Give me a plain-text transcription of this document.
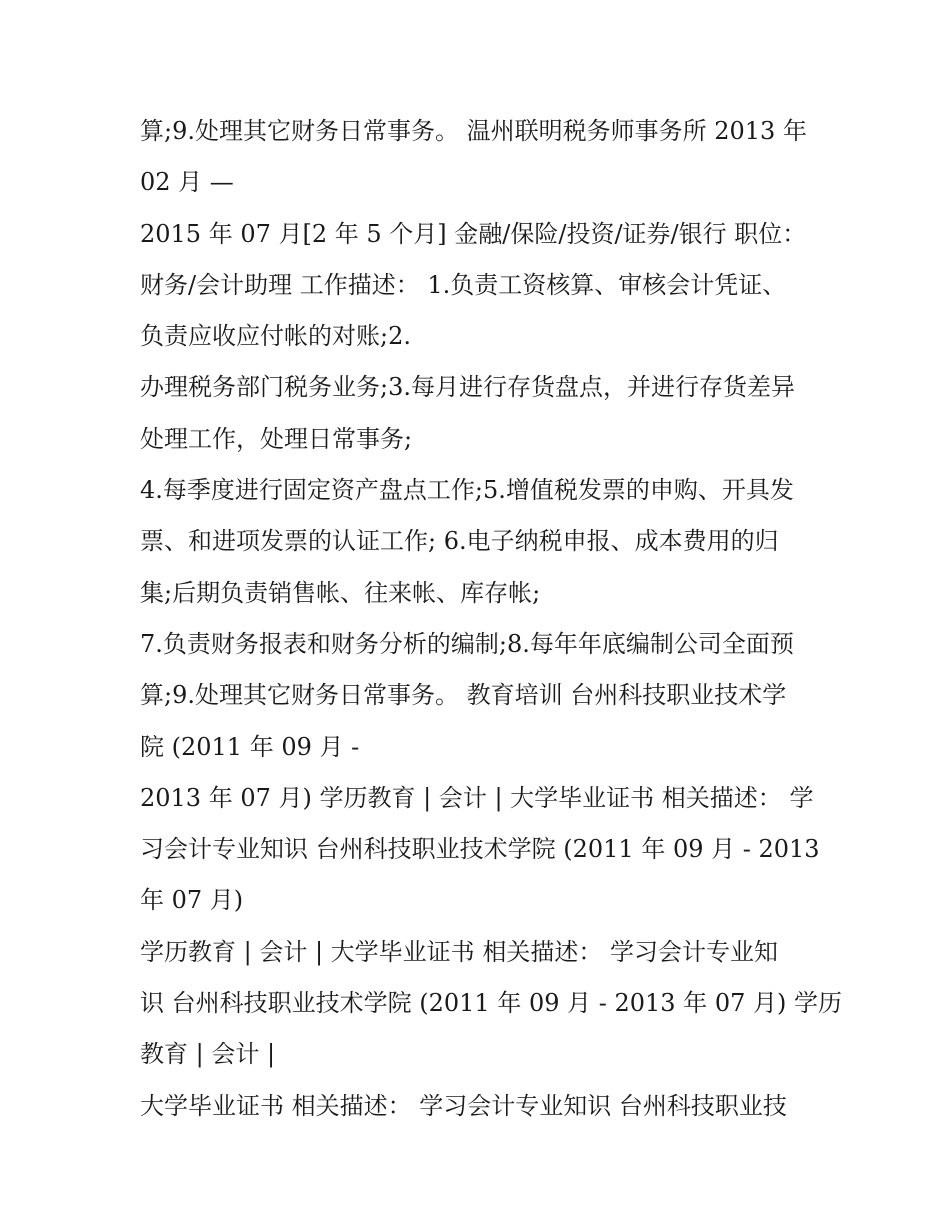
算;9.处理其它财务日常事务。 温州联明税务师事务所 2013 年
02 月 —
2015 年 07 月[2 年 5 个月] 金融/保险/投资/证券/银行 职位：
财务/会计助理 工作描述： 1.负责工资核算、审核会计凭证、
负责应收应付帐的对账;2.
办理税务部门税务业务;3.每月进行存货盘点，并进行存货差异
处理工作，处理日常事务;
4.每季度进行固定资产盘点工作;5.增值税发票的申购、开具发
票、和进项发票的认证工作; 6.电子纳税申报、成本费用的归
集;后期负责销售帐、往来帐、库存帐;
7.负责财务报表和财务分析的编制;8.每年年底编制公司全面预
算;9.处理其它财务日常事务。 教育培训 台州科技职业技术学
院 (2011 年 09 月 -
2013 年 07 月) 学历教育 | 会计 | 大学毕业证书 相关描述： 学
习会计专业知识 台州科技职业技术学院 (2011 年 09 月 - 2013
年 07 月)
学历教育 | 会计 | 大学毕业证书 相关描述： 学习会计专业知
识 台州科技职业技术学院 (2011 年 09 月 - 2013 年 07 月) 学历
教育 | 会计 |
大学毕业证书 相关描述： 学习会计专业知识 台州科技职业技
